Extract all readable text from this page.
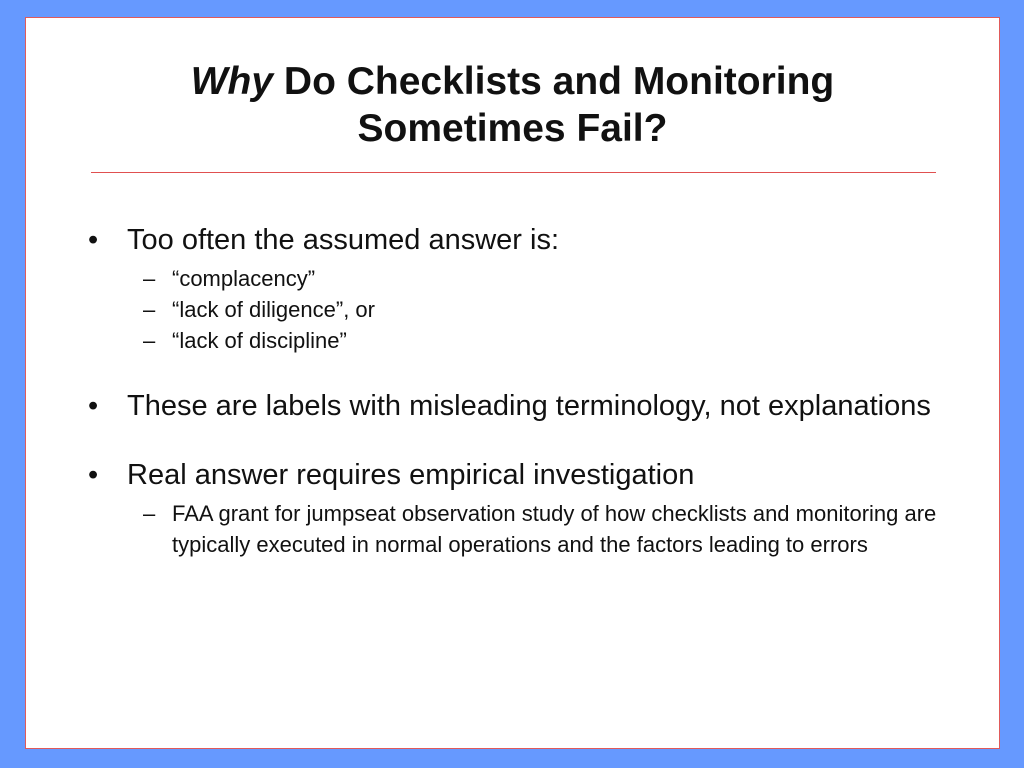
Why Do Checklists and Monitoring
Sometimes Fail?
• Too often the assumed answer is:
– “complacency”
– “lack of diligence”, or
– “lack of discipline”
• These are labels with misleading terminology, not explanations
• Real answer requires empirical investigation
– FAA grant for jumpseat observation study of how checklists and monitoring are typically executed in normal operations and the factors leading to errors
